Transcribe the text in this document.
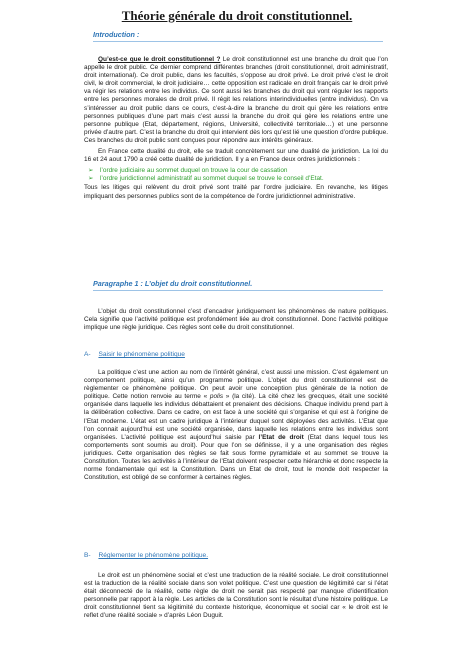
Théorie générale du droit constitutionnel.
Introduction :

Qu’est-ce que le droit constitutionnel ? Le droit constitutionnel est une branche du droit que l’on appelle le droit public. Ce dernier comprend différentes branches (droit constitutionnel, droit administratif, droit international). Ce droit public, dans les facultés, s’oppose au droit privé. Le droit privé c’est le droit civil, le droit commercial, le droit judiciaire… cette opposition est radicale en droit français car le droit privé va régir les relations entre les individus. Ce sont aussi les branches du droit qui vont réguler les rapports entre les personnes morales de droit privé. Il régit les relations interindividuelles (entre individus). On va s’intéresser au droit public dans ce cours, c’est-à-dire la branche du droit qui gère les relations entre personnes publiques d’une part mais c’est aussi la branche du droit qui gère les relations entre une personne publique (Etat, département, régions, Université, collectivité territoriale…) et une personne privée d’autre part. C’est la branche du droit qui intervient dès lors qu’est lié une question d’ordre publique. Ces branches du droit public sont conçues pour répondre aux intérêts généraux.

En France cette dualité du droit, elle se traduit concrètement sur une dualité de juridiction. La loi du 16 et 24 aout 1790 a créé cette dualité de juridiction. Il y a en France deux ordres juridictionnels :

➢ l’ordre judiciaire au sommet duquel on trouve la cour de cassation
➢ l’ordre juridictionnel administratif au sommet duquel se trouve le conseil d’Etat.

Tous les litiges qui relèvent du droit privé sont traité par l’ordre judiciaire. En revanche, les litiges impliquant des personnes publics sont de la compétence de l’ordre juridictionnel administrative.

Paragraphe 1 : L’objet du droit constitutionnel.

L’objet du droit constitutionnel c’est d’encadrer juridiquement les phénomènes de nature politiques. Cela signifie que l’activité politique est profondément liée au droit constitutionnel. Donc l’activité politique implique une règle juridique. Ces règles sont celle du droit constitutionnel.

A- Saisir le phénomène politique

La politique c’est une action au nom de l’intérêt général, c’est aussi une mission. C’est également un comportement politique, ainsi qu’un programme politique. L’objet du droit constitutionnel est de règlementer ce phénomène politique. On peut avoir une conception plus générale de la notion de politique. Cette notion renvoie au terme « polis » (la cité). La cité chez les grecques, était une société organisée dans laquelle les individus débattaient et prenaient des décisions. Chaque individu prend part à la délibération collective. Dans ce cadre, on est face à une société qui s’organise et qui est à l’origine de l’Etat moderne. L’état est un cadre juridique à l’intérieur duquel sont déployées des activités. L’Etat que l’on connait aujourd’hui est une société organisée, dans laquelle les relations entre les individus sont organisées. L’activité politique est aujourd’hui saisie par l’Etat de droit (Etat dans lequel tous les comportements sont soumis au droit). Pour que l’on se définisse, il y a une organisation des règles juridiques. Cette organisation des règles se fait sous forme pyramidale et au sommet se trouve la Constitution. Toutes les activités à l’intérieur de l’Etat doivent respecter cette hiérarchie et donc respecte la norme fondamentale qui est la Constitution. Dans un Etat de droit, tout le monde doit respecter la Constitution, est obligé de se conformer à certaines règles.

B- Réglementer le phénomène politique.

Le droit est un phénomène social et c’est une traduction de la réalité sociale. Le droit constitutionnel est la traduction de la réalité sociale dans son volet politique. C’est une question de légitimité car si l’état était déconnecté de la réalité, cette règle de droit ne serait pas respecté par manque d’identification personnelle par rapport à la règle. Les articles de la Constitution sont le résultat d’une histoire politique. Le droit constitutionnel tient sa légitimité du contexte historique, économique et social car « le droit est le reflet d’une réalité sociale » d’après Léon Duguit.
